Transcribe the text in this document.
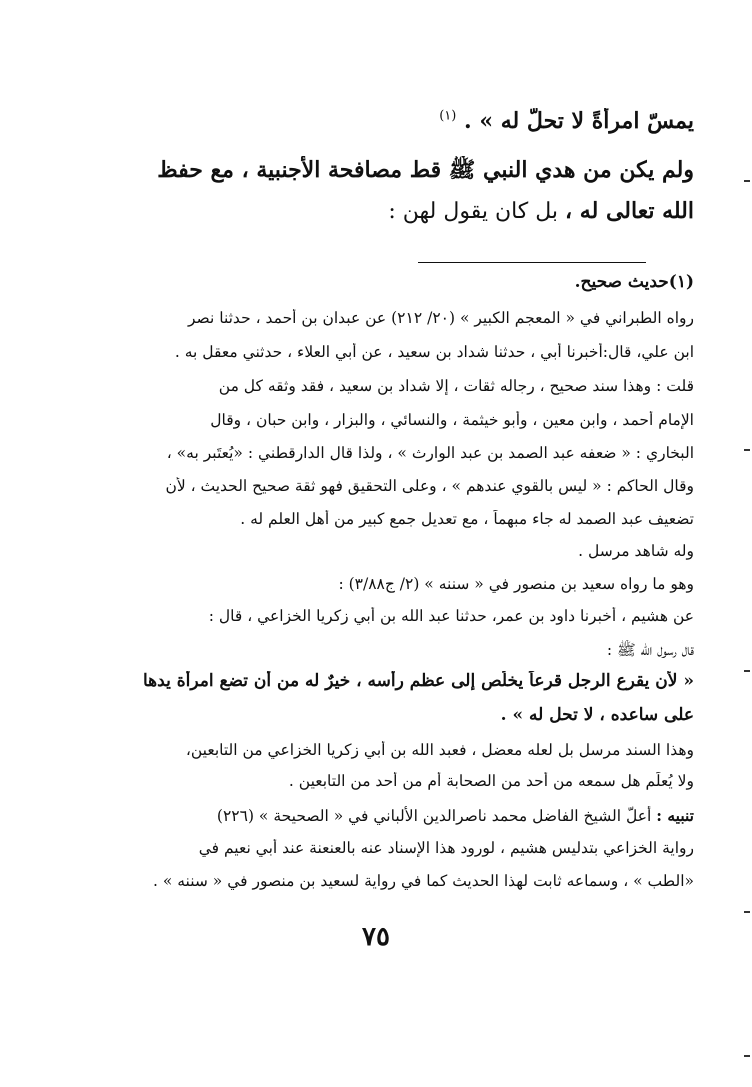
يمسّ امرأةً لا تحلّ له » . $^{(١)}$
ولم يكن من هدي النبي ﷺ قط مصافحة الأجنبية ، مع حفظ
الله تعالى له ، بل كان يقول لهن :
(١)حديث صحيح.
رواه الطبراني في « المعجم الكبير » (٢٠/ ٢١٢) عن عبدان بن أحمد ، حدثنا نصر
ابن علي، قال:أخبرنا أبي ، حدثنا شداد بن سعيد ، عن أبي العلاء ، حدثني معقل به .
قلت : وهذا سند صحيح ، رجاله ثقات ، إلا شداد بن سعيد ، فقد وثقه كل من
الإمام أحمد ، وابن معين ، وأبو خيثمة ، والنسائي ، والبزار ، وابن حبان ، وقال
البخاري : « ضعفه عبد الصمد بن عبد الوارث » ، ولذا قال الدارقطني : «يُعتَبر به» ،
وقال الحاكم : « ليس بالقوي عندهم » ، وعلى التحقيق فهو ثقة صحيح الحديث ، لأن
تضعيف عبد الصمد له جاء مبهماً ، مع تعديل جمع كبير من أهل العلم له .
وله شاهد مرسل .
وهو ما رواه سعيد بن منصور في « سننه » (٢/ ج٣/٨٨) :
عن هشيم ، أخبرنا داود بن عمر، حدثنا عبد الله بن أبي زكريا الخزاعي ، قال :
قال رسول الله ﷺ :
« لأن يقرع الرجل قرعاً يخلُص إلى عظم رأسه ، خيرٌ له من أن تضع امرأة يدها
على ساعده ، لا تحل له » .
وهذا السند مرسل بل لعله معضل ، فعبد الله بن أبي زكريا الخزاعي من التابعين،
ولا يُعلَم هل سمعه من أحد من الصحابة أم من أحد من التابعين .
تنبيه : أعلّ الشيخ الفاضل محمد ناصرالدين الألباني في « الصحيحة » (٢٢٦)
رواية الخزاعي بتدليس هشيم ، لورود هذا الإسناد عنه بالعنعنة عند أبي نعيم في
«الطب » ، وسماعه ثابت لهذا الحديث كما في رواية لسعيد بن منصور في « سننه » .
٧٥
